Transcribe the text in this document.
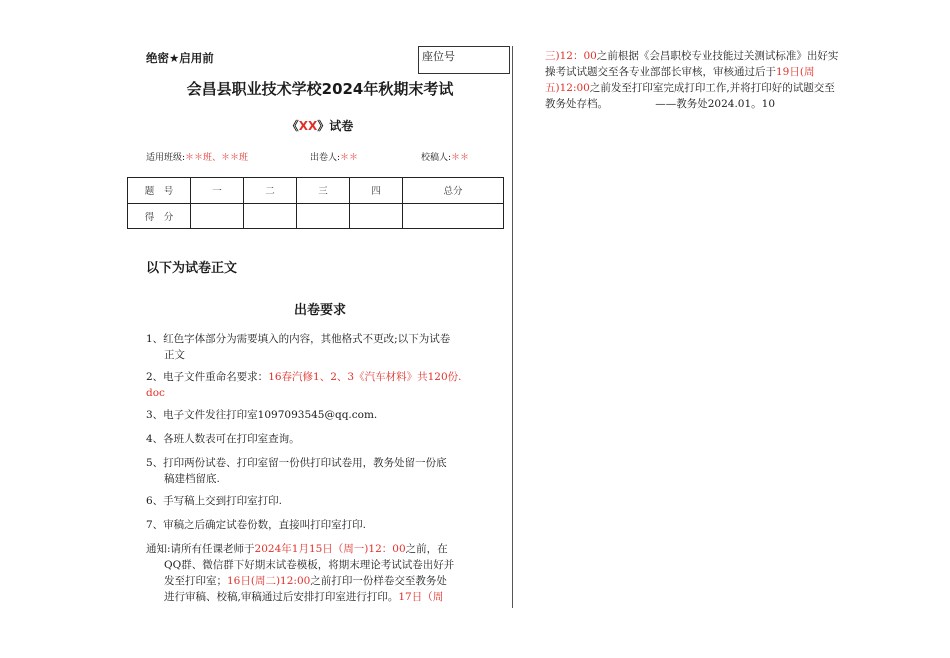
绝密★启用前	座位号
会昌县职业技术学校2024年秋期末考试
《XX》试卷
适用班级:＊＊班、＊＊班	出卷人:＊＊	校稿人:＊＊
题　号	一	二	三	四	总分
得　分					
以下为试卷正文
出卷要求
1、红色字体部分为需要填入的内容，其他格式不更改;以下为试卷
正文
2、电子文件重命名要求：16春汽修1、2、3《汽车材料》共120份.
doc
3、电子文件发往打印室1097093545@qq.com.
4、各班人数表可在打印室查询。
5、打印两份试卷、打印室留一份供打印试卷用，教务处留一份底
稿建档留底.
6、手写稿上交到打印室打印.
7、审稿之后确定试卷份数，直接叫打印室打印.
通知:请所有任课老师于2024年1月15日（周一)12：00之前，在
QQ群、微信群下好期末试卷模板，将期末理论考试试卷出好并
发至打印室；16日(周二)12:00之前打印一份样卷交至教务处
进行审稿、校稿,审稿通过后安排打印室进行打印。17日（周
三)12：00之前根据《会昌职校专业技能过关测试标准》出好实
操考试试题交至各专业部部长审核，审核通过后于19日(周
五)12:00之前发至打印室完成打印工作,并将打印好的试题交至
教务处存档。　　　　　——教务处2024.01。10
